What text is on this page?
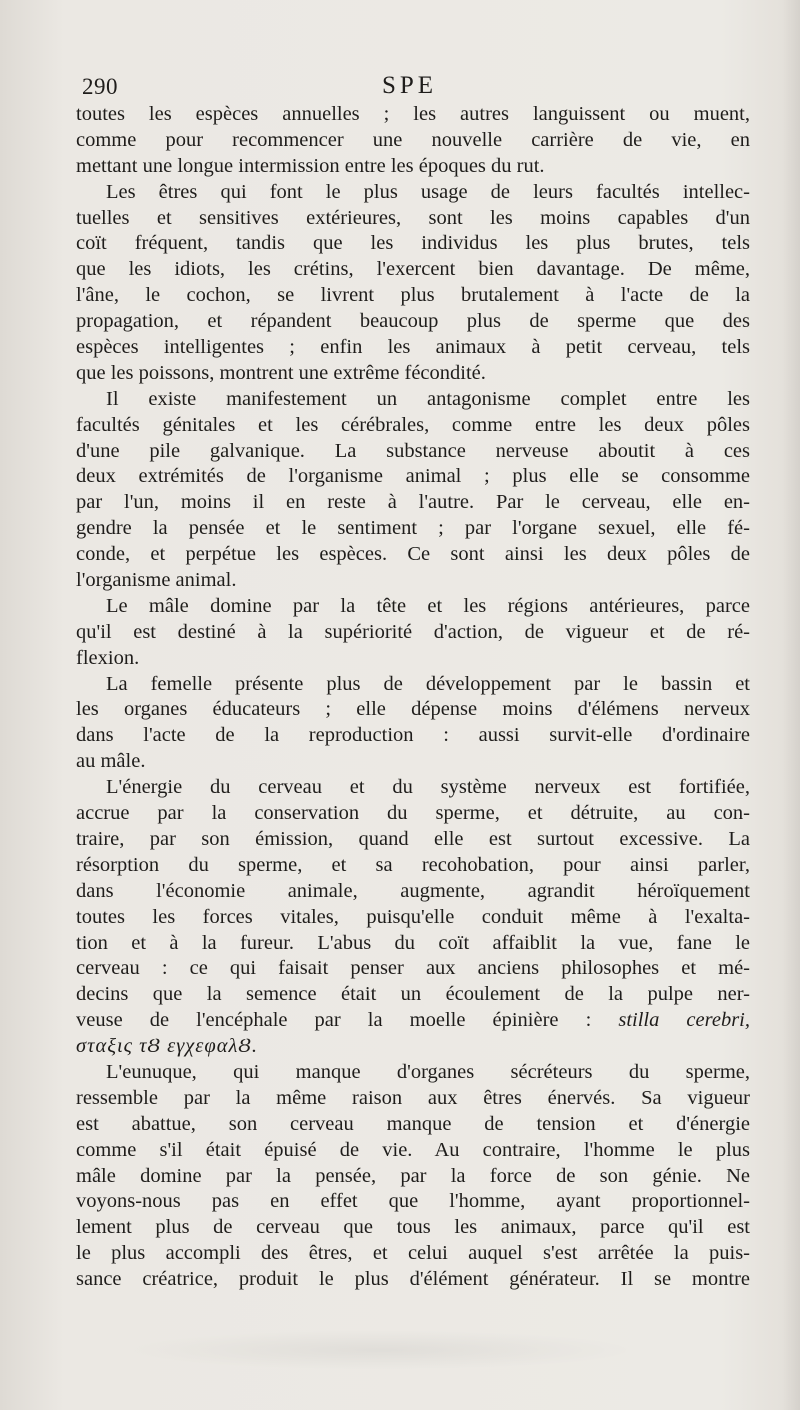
290	SPE
toutes les espèces annuelles ; les autres languissent ou muent,
comme pour recommencer une nouvelle carrière de vie, en
mettant une longue intermission entre les époques du rut.
Les êtres qui font le plus usage de leurs facultés intellec-
tuelles et sensitives extérieures, sont les moins capables d'un
coït fréquent, tandis que les individus les plus brutes, tels
que les idiots, les crétins, l'exercent bien davantage. De même,
l'âne, le cochon, se livrent plus brutalement à l'acte de la
propagation, et répandent beaucoup plus de sperme que des
espèces intelligentes ; enfin les animaux à petit cerveau, tels
que les poissons, montrent une extrême fécondité.
Il existe manifestement un antagonisme complet entre les
facultés génitales et les cérébrales, comme entre les deux pôles
d'une pile galvanique. La substance nerveuse aboutit à ces
deux extrémités de l'organisme animal ; plus elle se consomme
par l'un, moins il en reste à l'autre. Par le cerveau, elle en-
gendre la pensée et le sentiment ; par l'organe sexuel, elle fé-
conde, et perpétue les espèces. Ce sont ainsi les deux pôles de
l'organisme animal.
Le mâle domine par la tête et les régions antérieures, parce
qu'il est destiné à la supériorité d'action, de vigueur et de ré-
flexion.
La femelle présente plus de développement par le bassin et
les organes éducateurs ; elle dépense moins d'élémens nerveux
dans l'acte de la reproduction : aussi survit-elle d'ordinaire
au mâle.
L'énergie du cerveau et du système nerveux est fortifiée,
accrue par la conservation du sperme, et détruite, au con-
traire, par son émission, quand elle est surtout excessive. La
résorption du sperme, et sa recohobation, pour ainsi parler,
dans l'économie animale, augmente, agrandit héroïquement
toutes les forces vitales, puisqu'elle conduit même à l'exalta-
tion et à la fureur. L'abus du coït affaiblit la vue, fane le
cerveau : ce qui faisait penser aux anciens philosophes et mé-
decins que la semence était un écoulement de la pulpe ner-
veuse de l'encéphale par la moelle épinière : stilla cerebri,
σταξις τȢ εγχεφαλȢ.
L'eunuque, qui manque d'organes sécréteurs du sperme,
ressemble par la même raison aux êtres énervés. Sa vigueur
est abattue, son cerveau manque de tension et d'énergie
comme s'il était épuisé de vie. Au contraire, l'homme le plus
mâle domine par la pensée, par la force de son génie. Ne
voyons-nous pas en effet que l'homme, ayant proportionnel-
lement plus de cerveau que tous les animaux, parce qu'il est
le plus accompli des êtres, et celui auquel s'est arrêtée la puis-
sance créatrice, produit le plus d'élément générateur. Il se montre
